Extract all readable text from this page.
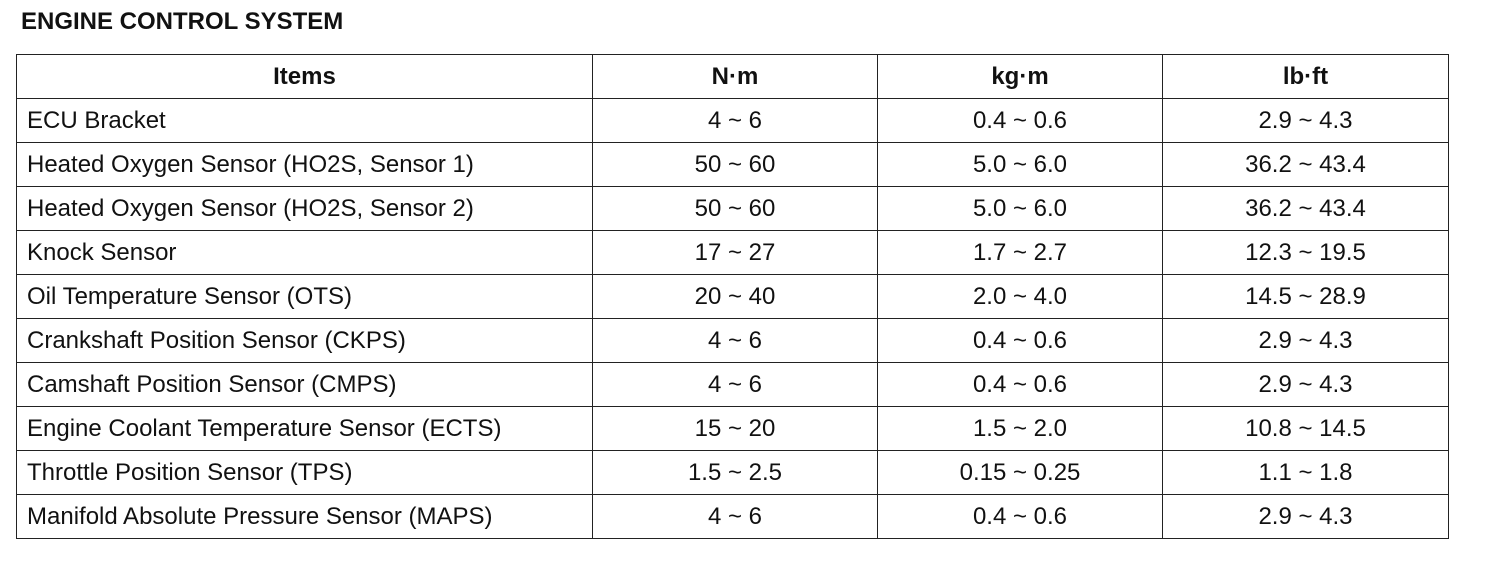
ENGINE CONTROL SYSTEM
Items	N·m	kg·m	lb·ft
ECU Bracket	4 ~ 6	0.4 ~ 0.6	2.9 ~ 4.3
Heated Oxygen Sensor (HO2S, Sensor 1)	50 ~ 60	5.0 ~ 6.0	36.2 ~ 43.4
Heated Oxygen Sensor (HO2S, Sensor 2)	50 ~ 60	5.0 ~ 6.0	36.2 ~ 43.4
Knock Sensor	17 ~ 27	1.7 ~ 2.7	12.3 ~ 19.5
Oil Temperature Sensor (OTS)	20 ~ 40	2.0 ~ 4.0	14.5 ~ 28.9
Crankshaft Position Sensor (CKPS)	4 ~ 6	0.4 ~ 0.6	2.9 ~ 4.3
Camshaft Position Sensor (CMPS)	4 ~ 6	0.4 ~ 0.6	2.9 ~ 4.3
Engine Coolant Temperature Sensor (ECTS)	15 ~ 20	1.5 ~ 2.0	10.8 ~ 14.5
Throttle Position Sensor (TPS)	1.5 ~ 2.5	0.15 ~ 0.25	1.1 ~ 1.8
Manifold Absolute Pressure Sensor (MAPS)	4 ~ 6	0.4 ~ 0.6	2.9 ~ 4.3
